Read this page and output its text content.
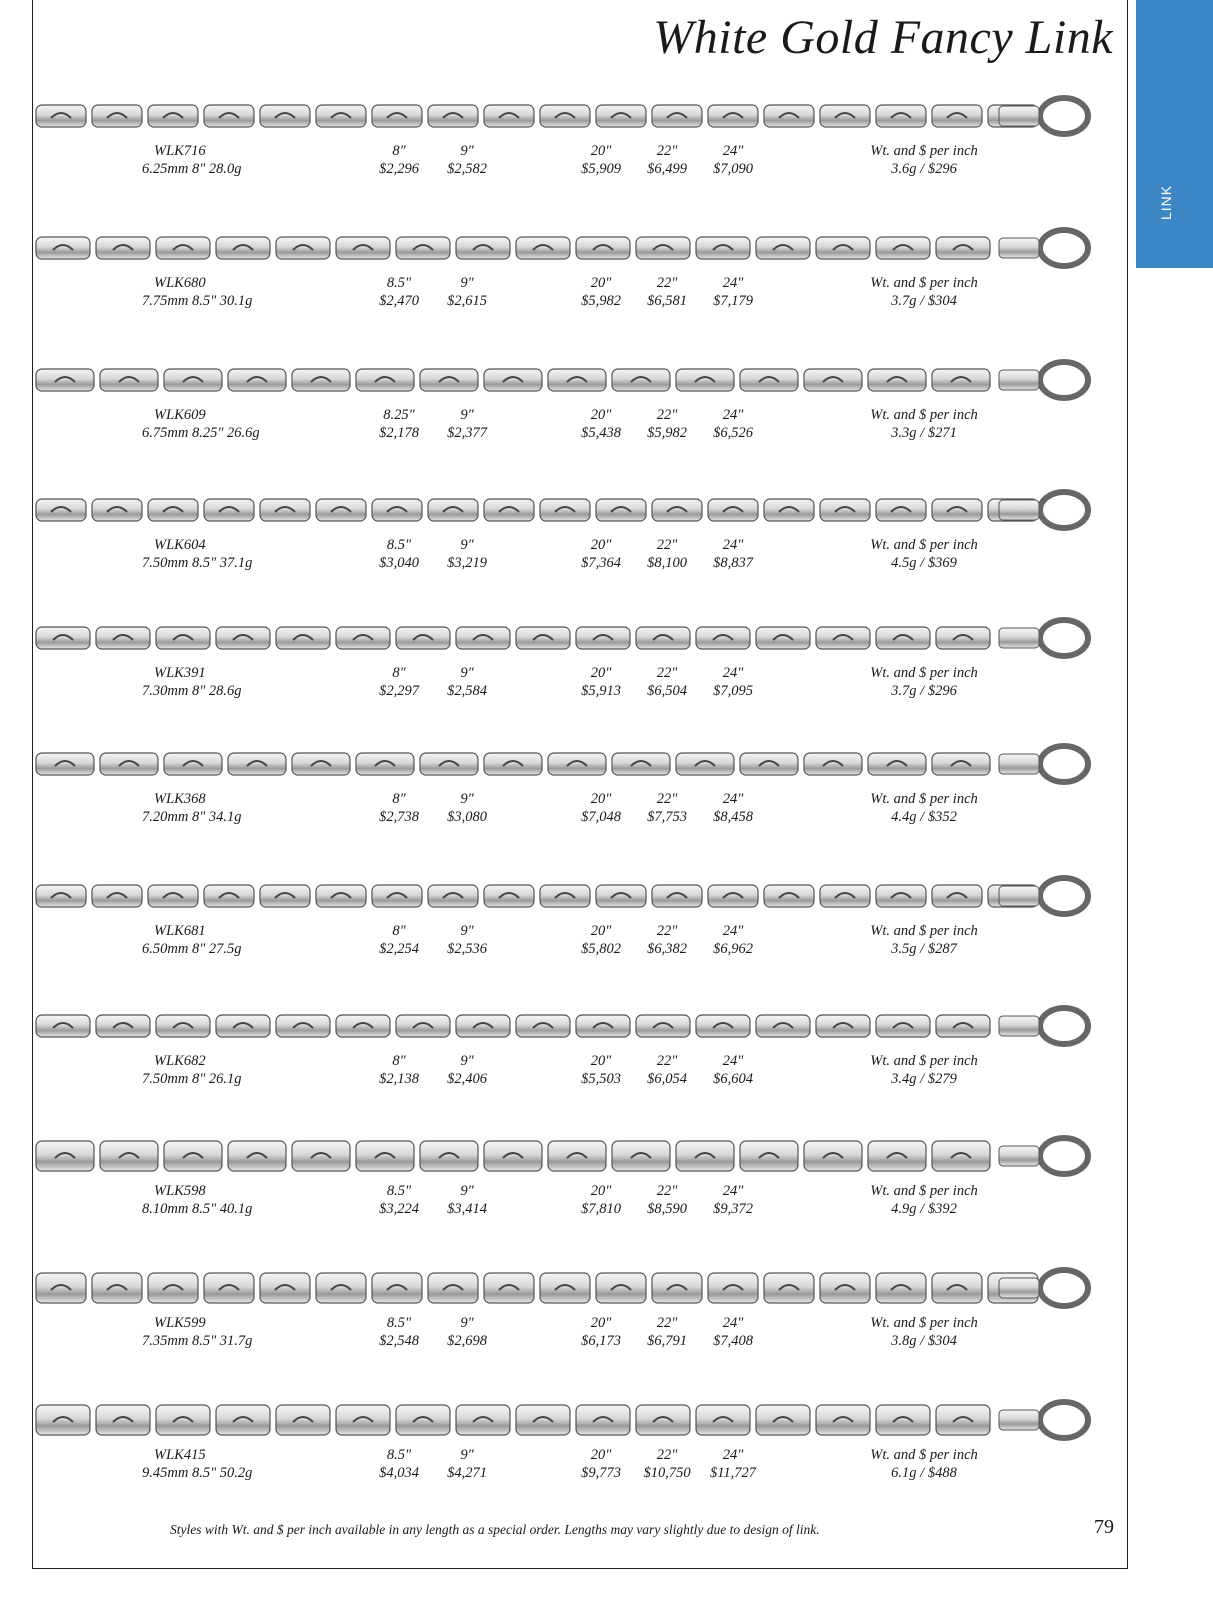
White Gold Fancy Link
LINK
WLK716
6.25mm 8" 28.0g
8"
$2,296
9"
$2,582
20"
$5,909
22"
$6,499
24"
$7,090
Wt. and $ per inch
3.6g / $296
WLK680
7.75mm 8.5" 30.1g
8.5"
$2,470
9"
$2,615
20"
$5,982
22"
$6,581
24"
$7,179
Wt. and $ per inch
3.7g / $304
WLK609
6.75mm 8.25" 26.6g
8.25"
$2,178
9"
$2,377
20"
$5,438
22"
$5,982
24"
$6,526
Wt. and $ per inch
3.3g / $271
WLK604
7.50mm 8.5" 37.1g
8.5"
$3,040
9"
$3,219
20"
$7,364
22"
$8,100
24"
$8,837
Wt. and $ per inch
4.5g / $369
WLK391
7.30mm 8" 28.6g
8"
$2,297
9"
$2,584
20"
$5,913
22"
$6,504
24"
$7,095
Wt. and $ per inch
3.7g / $296
WLK368
7.20mm 8" 34.1g
8"
$2,738
9"
$3,080
20"
$7,048
22"
$7,753
24"
$8,458
Wt. and $ per inch
4.4g / $352
WLK681
6.50mm 8" 27.5g
8"
$2,254
9"
$2,536
20"
$5,802
22"
$6,382
24"
$6,962
Wt. and $ per inch
3.5g / $287
WLK682
7.50mm 8" 26.1g
8"
$2,138
9"
$2,406
20"
$5,503
22"
$6,054
24"
$6,604
Wt. and $ per inch
3.4g / $279
WLK598
8.10mm 8.5" 40.1g
8.5"
$3,224
9"
$3,414
20"
$7,810
22"
$8,590
24"
$9,372
Wt. and $ per inch
4.9g / $392
WLK599
7.35mm 8.5" 31.7g
8.5"
$2,548
9"
$2,698
20"
$6,173
22"
$6,791
24"
$7,408
Wt. and $ per inch
3.8g / $304
WLK415
9.45mm 8.5" 50.2g
8.5"
$4,034
9"
$4,271
20"
$9,773
22"
$10,750
24"
$11,727
Wt. and $ per inch
6.1g / $488
Styles with Wt. and $ per inch available in any length as a special order. Lengths may vary slightly due to design of link.	79
